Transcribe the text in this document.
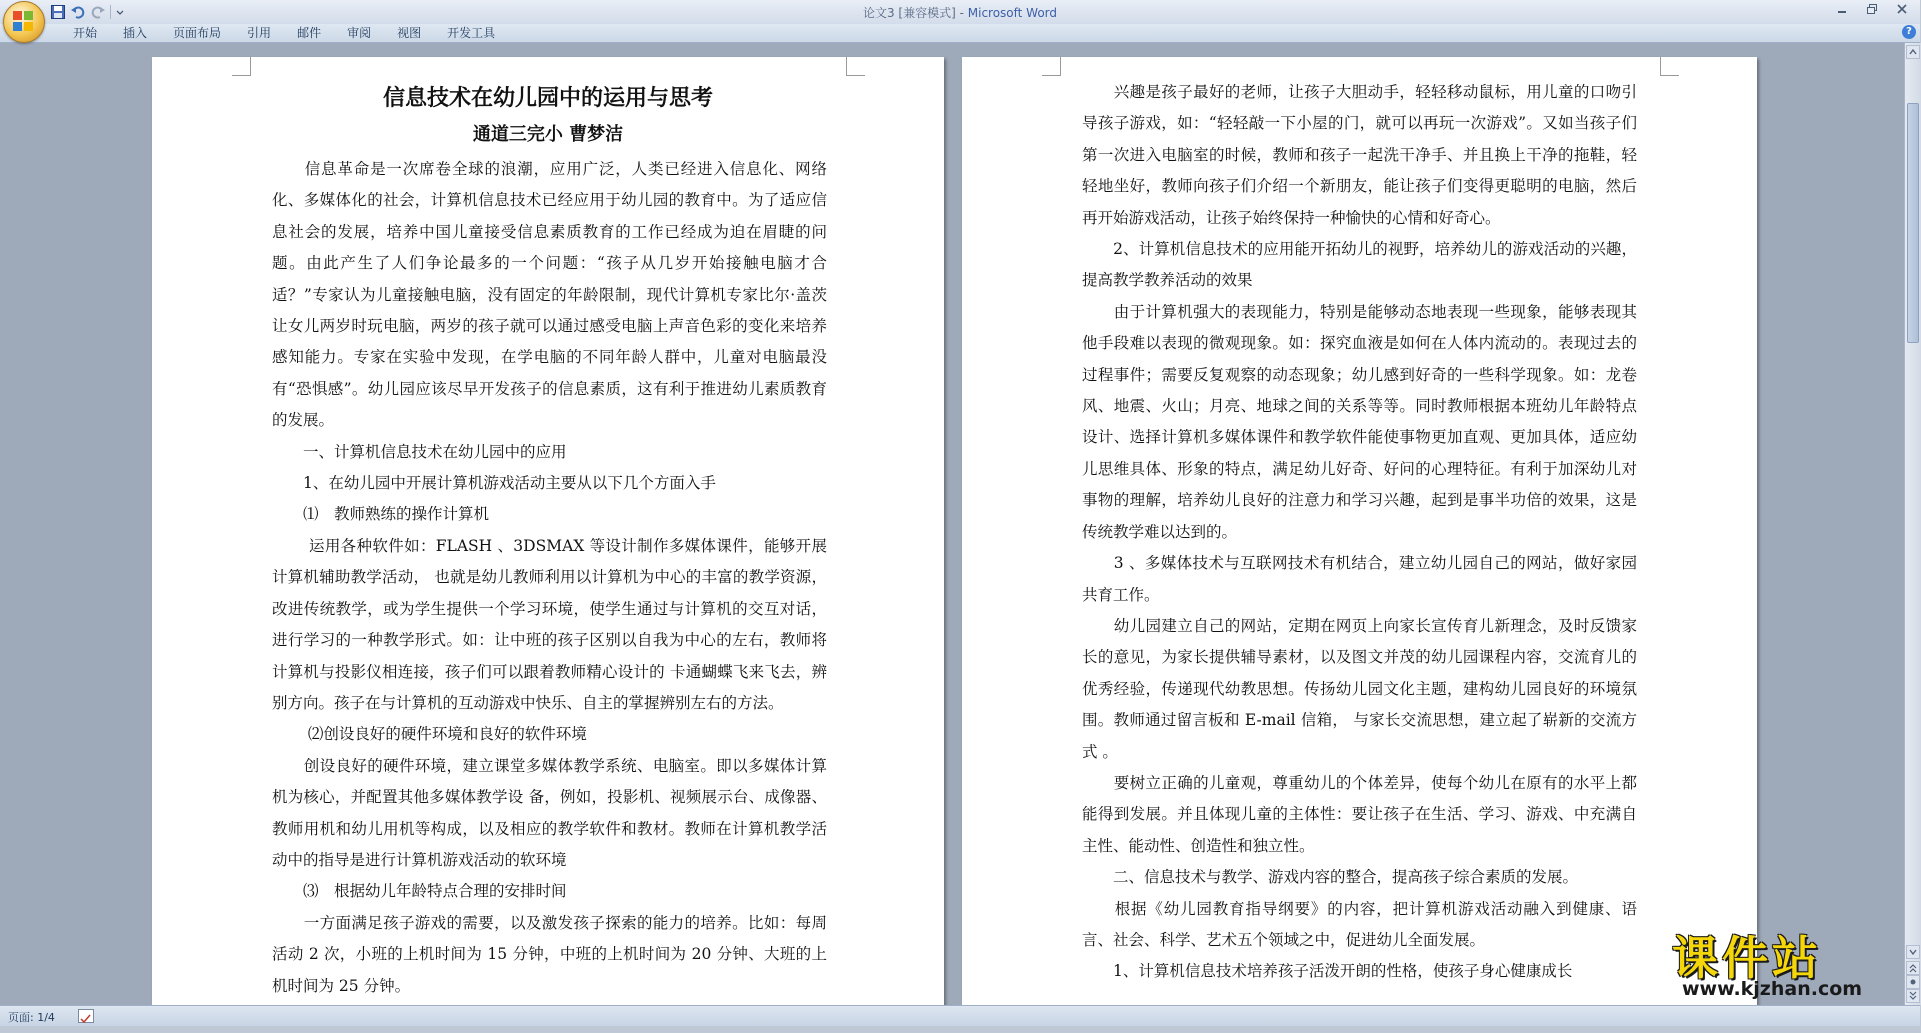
论文3 [兼容模式] - Microsoft Word
开始	插入	页面布局	引用	邮件	审阅	视图	开发工具	?
信息技术在幼儿园中的运用与思考
通道三完小 曹梦洁
　　信息革命是一次席卷全球的浪潮，应用广泛，人类已经进入信息化、网络化、多媒体化的社会，计算机信息技术已经应用于幼儿园的教育中。为了适应信息社会的发展，培养中国儿童接受信息素质教育的工作已经成为迫在眉睫的问题。由此产生了人们争论最多的一个问题：“孩子从几岁开始接触电脑才合适？”专家认为儿童接触电脑，没有固定的年龄限制，现代计算机专家比尔·盖茨让女儿两岁时玩电脑，两岁的孩子就可以通过感受电脑上声音色彩的变化来培养感知能力。专家在实验中发现，在学电脑的不同年龄人群中，儿童对电脑最没有“恐惧感”。幼儿园应该尽早开发孩子的信息素质，这有利于推进幼儿素质教育的发展。
　　一、计算机信息技术在幼儿园中的应用
　　1、在幼儿园中开展计算机游戏活动主要从以下几个方面入手
　　⑴　教师熟练的操作计算机
　　 运用各种软件如：FLASH 、3DSMAX 等设计制作多媒体课件，能够开展计算机辅助教学活动， 也就是幼儿教师利用以计算机为中心的丰富的教学资源，改进传统教学，或为学生提供一个学习环境，使学生通过与计算机的交互对话，进行学习的一种教学形式。如：让中班的孩子区别以自我为中心的左右，教师将计算机与投影仪相连接，孩子们可以跟着教师精心设计的 卡通蝴蝶飞来飞去，辨别方向。孩子在与计算机的互动游戏中快乐、自主的掌握辨别左右的方法。
　　 ⑵创设良好的硬件环境和良好的软件环境
　　创设良好的硬件环境，建立课堂多媒体教学系统、电脑室。即以多媒体计算机为核心，并配置其他多媒体教学设 备，例如，投影机、视频展示台、成像器、教师用机和幼儿用机等构成，以及相应的教学软件和教材。教师在计算机教学活动中的指导是进行计算机游戏活动的软环境
　　⑶　根据幼儿年龄特点合理的安排时间
　　一方面满足孩子游戏的需要，以及激发孩子探索的能力的培养。比如：每周活动 2 次，小班的上机时间为 15 分钟，中班的上机时间为 20 分钟、大班的上机时间为 25 分钟。
　　兴趣是孩子最好的老师，让孩子大胆动手，轻轻移动鼠标，用儿童的口吻引导孩子游戏，如：“轻轻敲一下小屋的门，就可以再玩一次游戏”。又如当孩子们第一次进入电脑室的时候，教师和孩子一起洗干净手、并且换上干净的拖鞋，轻轻地坐好，教师向孩子们介绍一个新朋友，能让孩子们变得更聪明的电脑，然后再开始游戏活动，让孩子始终保持一种愉快的心情和好奇心。
　　2、计算机信息技术的应用能开拓幼儿的视野，培养幼儿的游戏活动的兴趣，提高教学教养活动的效果
　　由于计算机强大的表现能力，特别是能够动态地表现一些现象，能够表现其他手段难以表现的微观现象。如：探究血液是如何在人体内流动的。表现过去的过程事件；需要反复观察的动态现象；幼儿感到好奇的一些科学现象。如：龙卷风、地震、火山；月亮、地球之间的关系等等。同时教师根据本班幼儿年龄特点设计、选择计算机多媒体课件和教学软件能使事物更加直观、更加具体，适应幼儿思维具体、形象的特点，满足幼儿好奇、好问的心理特征。有利于加深幼儿对事物的理解，培养幼儿良好的注意力和学习兴趣，起到是事半功倍的效果，这是传统教学难以达到的。
　　3 、多媒体技术与互联网技术有机结合，建立幼儿园自己的网站，做好家园共育工作。
　　幼儿园建立自己的网站，定期在网页上向家长宣传育儿新理念，及时反馈家长的意见，为家长提供辅导素材，以及图文并茂的幼儿园课程内容，交流育儿的优秀经验，传递现代幼教思想。传扬幼儿园文化主题，建构幼儿园良好的环境氛围。教师通过留言板和 E-mail 信箱， 与家长交流思想，建立起了崭新的交流方式 。
　　要树立正确的儿童观，尊重幼儿的个体差异，使每个幼儿在原有的水平上都能得到发展。并且体现儿童的主体性：要让孩子在生活、学习、游戏、中充满自主性、能动性、创造性和独立性。
　　二、信息技术与教学、游戏内容的整合，提高孩子综合素质的发展。
　　根据《幼儿园教育指导纲要》的内容，把计算机游戏活动融入到健康、语言、社会、科学、艺术五个领域之中，促进幼儿全面发展。
　　1、计算机信息技术培养孩子活泼开朗的性格，使孩子身心健康成长
页面: 1/4
课件站
www.kjzhan.com
